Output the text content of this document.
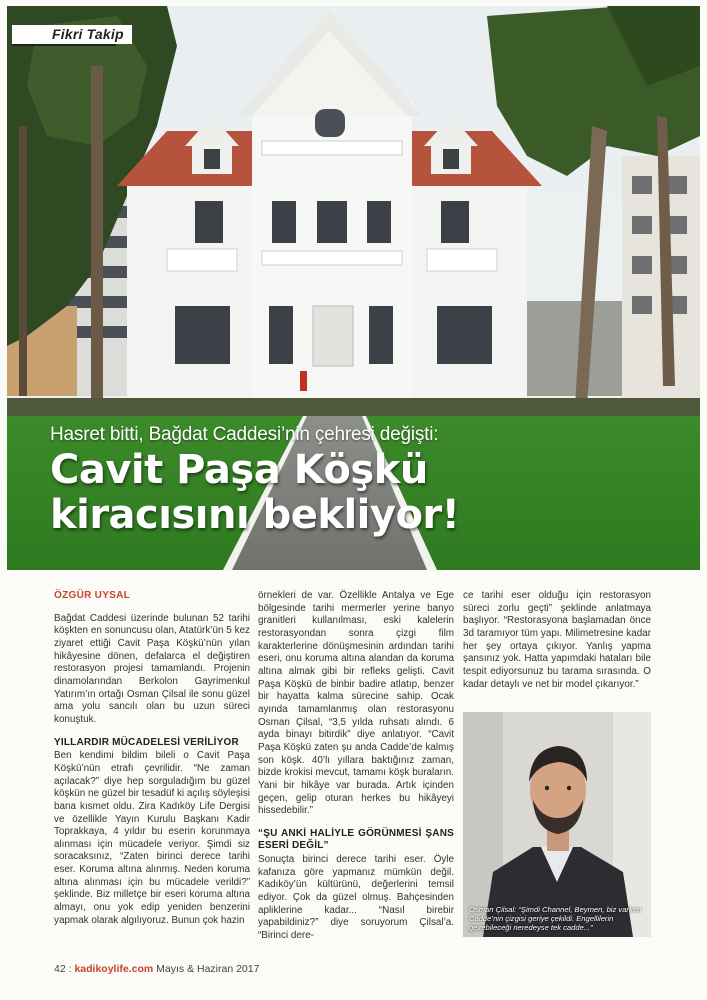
Fikri Takip
Hasret bitti, Bağdat Caddesi’nin çehresi değişti:
Cavit Paşa Köşkü
kiracısını bekliyor!
ÖZGÜR UYSAL

Bağdat Caddesi üzerinde bulunan 52 tarihi köşkten en sonuncusu olan, Atatürk’ün 5 kez ziyaret ettiği Cavit Paşa Köşkü’nün yılan hikâyesine dönen, defalarca el değiştiren restorasyon projesi tamamlandı. Projenin dinamolarından Berkolon Gayrimenkul Yatırım’ın ortağı Osman Çilsal ile sonu güzel ama yolu sancılı olan bu uzun süreci konuştuk.

YILLARDIR MÜCADELESİ VERİLİYOR

Ben kendimi bildim bileli o Cavit Paşa Köşkü’nün etrafı çevrilidir. “Ne zaman açılacak?” diye hep sorguladığım bu güzel köşkün ne güzel bir tesadüf ki açılış söyleşisi bana kısmet oldu. Zira Kadıköy Life Dergisi ve özellikle Yayın Kurulu Başkanı Kadir Toprakkaya, 4 yıldır bu eserin korunmaya alınması için mücadele veriyor. Şimdi siz soracaksınız, “Zaten birinci derece tarihi eser. Koruma altına alınmış. Neden koruma altına alınması için bu mücadele verildi?” şeklinde. Biz milletçe bir eseri koruma altına almayı, onu yok edip yeniden benzerini yapmak olarak algılıyoruz. Bunun çok hazin

örnekleri de var. Özellikle Antalya ve Ege bölgesinde tarihi mermerler yerine banyo granitleri kullanılması, eski kalelerin restorasyondan sonra çizgi film karakterlerine dönüşmesinin ardından tarihi eseri, onu koruma altına alandan da koruma altına almak gibi bir refleks gelişti. Cavit Paşa Köşkü de binbir badire atlatıp, benzer bir hayatta kalma sürecine sahip. Ocak ayında tamamlanmış olan restorasyonu Osman Çilsal, “3,5 yılda ruhsatı alındı. 6 ayda binayı bitirdik” diye anlatıyor. “Cavit Paşa Köşkü zaten şu anda Cadde’de kalmış son köşk. 40’lı yıllara baktığınız zaman, bizde krokisi mevcut, tamamı köşk buraların. Yani bir hikâye var burada. Artık içinden geçen, gelip oturan herkes bu hikâyeyi hissedebilir.”

“ŞU ANKİ HALİYLE GÖRÜNMESİ ŞANS ESERİ DEĞİL”

Sonuçta birinci derece tarihi eser. Öyle kafanıza göre yapmanız mümkün değil. Kadıköy’ün kültürünü, değerlerini temsil ediyor. Çok da güzel olmuş. Bahçesinden apliklerine kadar... “Nasıl birebir yapabildiniz?” diye soruyorum Çilsal’a. “Birinci dere-

ce tarihi eser olduğu için restorasyon süreci zorlu geçti” şeklinde anlatmaya başlıyor. “Restorasyona başlamadan önce 3d taramıyor tüm yapı. Milimetresine kadar her şey ortaya çıkıyor. Yanlış yapma şansınız yok. Hatta yapımdaki hataları bile tespit ediyorsunuz bu tarama sırasında. O kadar detaylı ve net bir model çıkarıyor.”

Osman Çilsal: “Şimdi Channel, Beymen, biz varken Cadde’nin çizgisi geriye çekildi. Engellilerin gezebileceği neredeyse tek cadde...”
42 : kadikoylife.com Mayıs & Haziran 2017
